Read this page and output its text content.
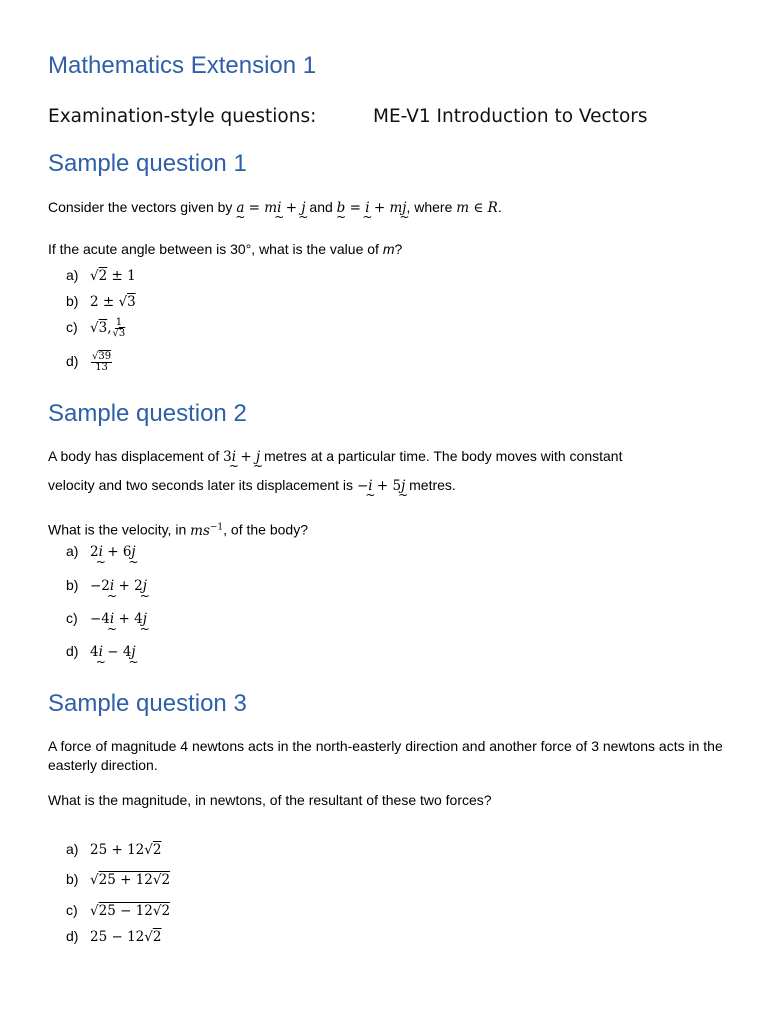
Mathematics Extension 1
Examination-style questions:	ME-V1 Introduction to Vectors
Sample question 1
Consider the vectors given by a ~ = mi ~ + j ~ and b ~ = i ~ + mj ~, where m ∈ R.
If the acute angle between is 30°, what is the value of m?
a) √2 ± 1
b) 2 ± √3
c) √3, $\frac{1}{√3}$
$d) \frac{√39}{13}$
Sample question 2
A body has displacement of 3i ~ + j ~ metres at a particular time. The body moves with constant
velocity and two seconds later its displacement is −i ~ + 5j ~ metres.
What is the velocity, in $ms^{-1}$, of the body?
a) 2i ~ + 6j ~
b) −2i ~ + 2j ~
c) −4i ~ + 4j ~
d) 4i ~ − 4j ~
Sample question 3
A force of magnitude 4 newtons acts in the north-easterly direction and another force of 3 newtons acts in the easterly direction.
What is the magnitude, in newtons, of the resultant of these two forces?
a) 25 + 12√2
b) √25 + 12√2
c) √25 − 12√2
d) 25 − 12√2
